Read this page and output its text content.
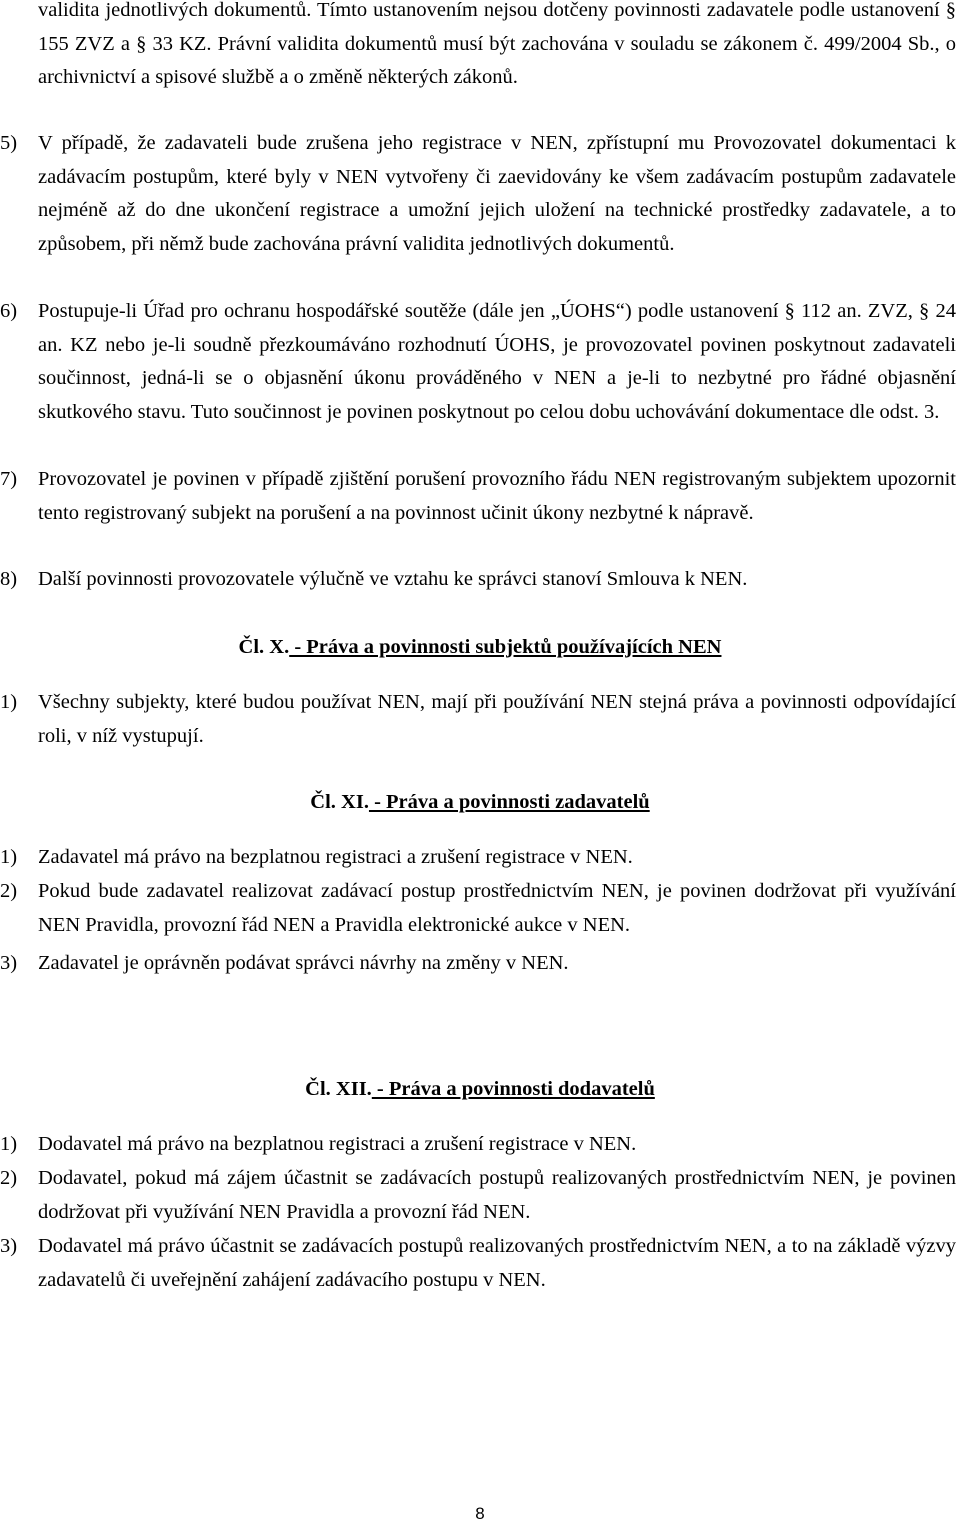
validita jednotlivých dokumentů. Tímto ustanovením nejsou dotčeny povinnosti zadavatele podle ustanovení § 155 ZVZ a § 33 KZ. Právní validita dokumentů musí být zachována v souladu se zákonem č. 499/2004 Sb., o archivnictví a spisové službě a o změně některých zákonů.
5)	V případě, že zadavateli bude zrušena jeho registrace v NEN, zpřístupní mu Provozovatel dokumentaci k zadávacím postupům, které byly v NEN vytvořeny či zaevidovány ke všem zadávacím postupům zadavatele nejméně až do dne ukončení registrace a umožní jejich uložení na technické prostředky zadavatele, a to způsobem, při němž bude zachována právní validita jednotlivých dokumentů.
6)	Postupuje-li Úřad pro ochranu hospodářské soutěže (dále jen „ÚOHS“) podle ustanovení § 112 an. ZVZ, § 24 an. KZ nebo je-li soudně přezkoumáváno rozhodnutí ÚOHS, je provozovatel povinen poskytnout zadavateli součinnost, jedná-li se o objasnění úkonu prováděného v NEN a je-li to nezbytné pro řádné objasnění skutkového stavu. Tuto součinnost je povinen poskytnout po celou dobu uchovávání dokumentace dle odst. 3.
7)	Provozovatel je povinen v případě zjištění porušení provozního řádu NEN registrovaným subjektem upozornit tento registrovaný subjekt na porušení a na povinnost učinit úkony nezbytné k nápravě.
8)	Další povinnosti provozovatele výlučně ve vztahu ke správci stanoví Smlouva k NEN.
Čl. X. - Práva a povinnosti subjektů používajících NEN
1)	Všechny subjekty, které budou používat NEN, mají při používání NEN stejná práva a povinnosti odpovídající roli, v níž vystupují.
Čl. XI. - Práva a povinnosti zadavatelů
1)	Zadavatel má právo na bezplatnou registraci a zrušení registrace v NEN.
2)	Pokud bude zadavatel realizovat zadávací postup prostřednictvím NEN, je povinen dodržovat při využívání NEN Pravidla, provozní řád NEN a Pravidla elektronické aukce v NEN.
3)	Zadavatel je oprávněn podávat správci návrhy na změny v NEN.
Čl. XII. - Práva a povinnosti dodavatelů
1)	Dodavatel má právo na bezplatnou registraci a zrušení registrace v NEN.
2)	Dodavatel, pokud má zájem účastnit se zadávacích postupů realizovaných prostřednictvím NEN, je povinen dodržovat při využívání NEN Pravidla a provozní řád NEN.
3)	Dodavatel má právo účastnit se zadávacích postupů realizovaných prostřednictvím NEN, a to na základě výzvy zadavatelů či uveřejnění zahájení zadávacího postupu v NEN.
8
